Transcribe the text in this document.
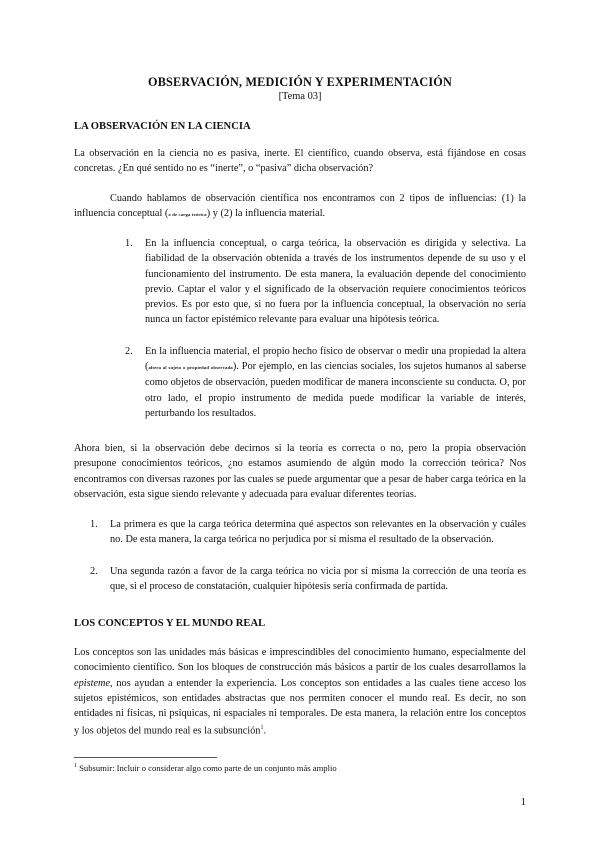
OBSERVACIÓN, MEDICIÓN Y EXPERIMENTACIÓN
[Tema 03]
LA OBSERVACIÓN EN LA CIENCIA

La observación en la ciencia no es pasiva, inerte. El científico, cuando observa, está fijándose en cosas concretas. ¿En qué sentido no es “inerte”, o “pasiva” dicha observación?

Cuando hablamos de observación científica nos encontramos con 2 tipos de influencias: (1) la influencia conceptual (o de carga teórica) y (2) la influencia material.

1. En la influencia conceptual, o carga teórica, la observación es dirigida y selectiva. La fiabilidad de la observación obtenida a través de los instrumentos depende de su uso y el funcionamiento del instrumento. De esta manera, la evaluación depende del conocimiento previo. Captar el valor y el significado de la observación requiere conocimientos teóricos previos. Es por esto que, si no fuera por la influencia conceptual, la observación no sería nunca un factor epistémico relevante para evaluar una hipótesis teórica.
2. En la influencia material, el propio hecho físico de observar o medir una propiedad la altera (altera al sujeto o propiedad observada). Por ejemplo, en las ciencias sociales, los sujetos humanos al saberse como objetos de observación, pueden modificar de manera inconsciente su conducta. O, por otro lado, el propio instrumento de medida puede modificar la variable de interés, perturbando los resultados.

Ahora bien, si la observación debe decirnos si la teoría es correcta o no, pero la propia observación presupone conocimientos teóricos, ¿no estamos asumiendo de algún modo la corrección teórica? Nos encontramos con diversas razones por las cuales se puede argumentar que a pesar de haber carga teórica en la observación, esta sigue siendo relevante y adecuada para evaluar diferentes teorías.

1. La primera es que la carga teórica determina qué aspectos son relevantes en la observación y cuáles no. De esta manera, la carga teórica no perjudica por sí misma el resultado de la observación.
2. Una segunda razón a favor de la carga teórica no vicia por sí misma la corrección de una teoría es que, si el proceso de constatación, cualquier hipótesis sería confirmada de partida.
LOS CONCEPTOS Y EL MUNDO REAL

Los conceptos son las unidades más básicas e imprescindibles del conocimiento humano, especialmente del conocimiento científico. Son los bloques de construcción más básicos a partir de los cuales desarrollamos la episteme, nos ayudan a entender la experiencia. Los conceptos son entidades a las cuales tiene acceso los sujetos epistémicos, son entidades abstractas que nos permiten conocer el mundo real. Es decir, no son entidades ni físicas, ni psíquicas, ni espaciales ni temporales. De esta manera, la relación entre los conceptos y los objetos del mundo real es la subsunción$^1$.

$^1$ Subsumir: Incluir o considerar algo como parte de un conjunto más amplio
1
